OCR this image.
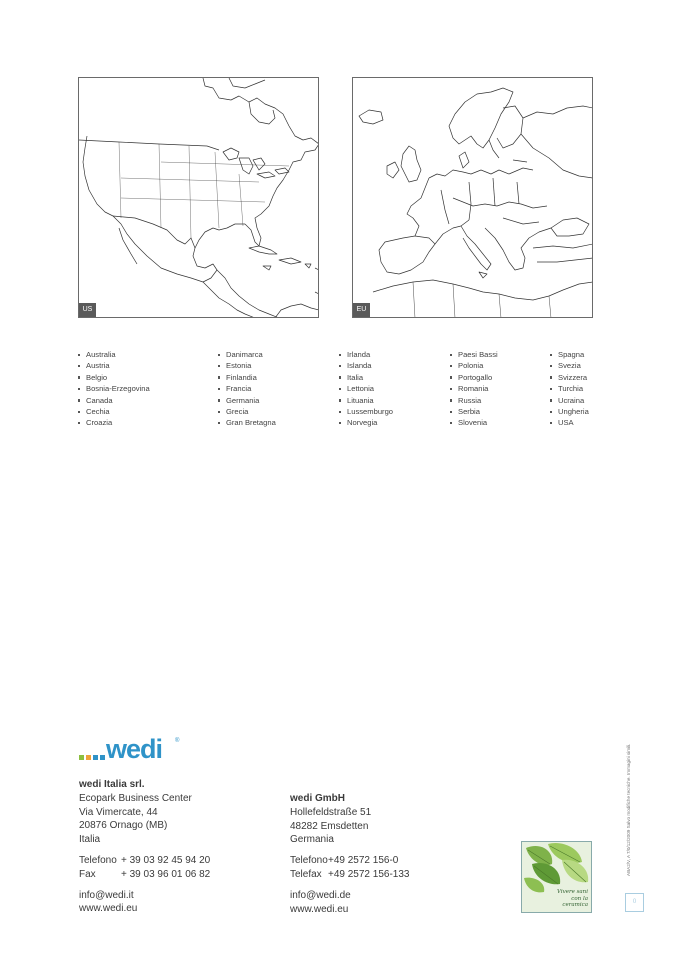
US	EU
Australia
Austria
Belgio
Bosnia-Erzegovina
Canada
Cechia
Croazia
Danimarca
Estonia
Finlandia
Francia
Germania
Grecia
Gran Bretagna
Irlanda
Islanda
Italia
Lettonia
Lituania
Lussemburgo
Norvegia
Paesi Bassi
Polonia
Portogallo
Romania
Russia
Serbia
Slovenia
Spagna
Svezia
Svizzera
Turchia
Ucraina
Ungheria
USA
wedi ®
wedi Italia srl.
Ecopark Business Center
Via Vimercate, 44
20876 Ornago (MB)
Italia
Telefono + 39 03 92 45 94 20
Fax	+ 39 03 96 01 06 82
info@wedi.it
www.wedi.eu
wedi GmbH
Hollefeldstraße 51
48282 Emsdetten
Germania
Telefono+49 2572 156-0
Telefax +49 2572 156-133
info@wedi.de
www.wedi.eu
Vivere sani
con la
ceramica
ABA2/V, A 7/0/12/2009 Salvo modifiche tecniche. Immagini simili.
0
